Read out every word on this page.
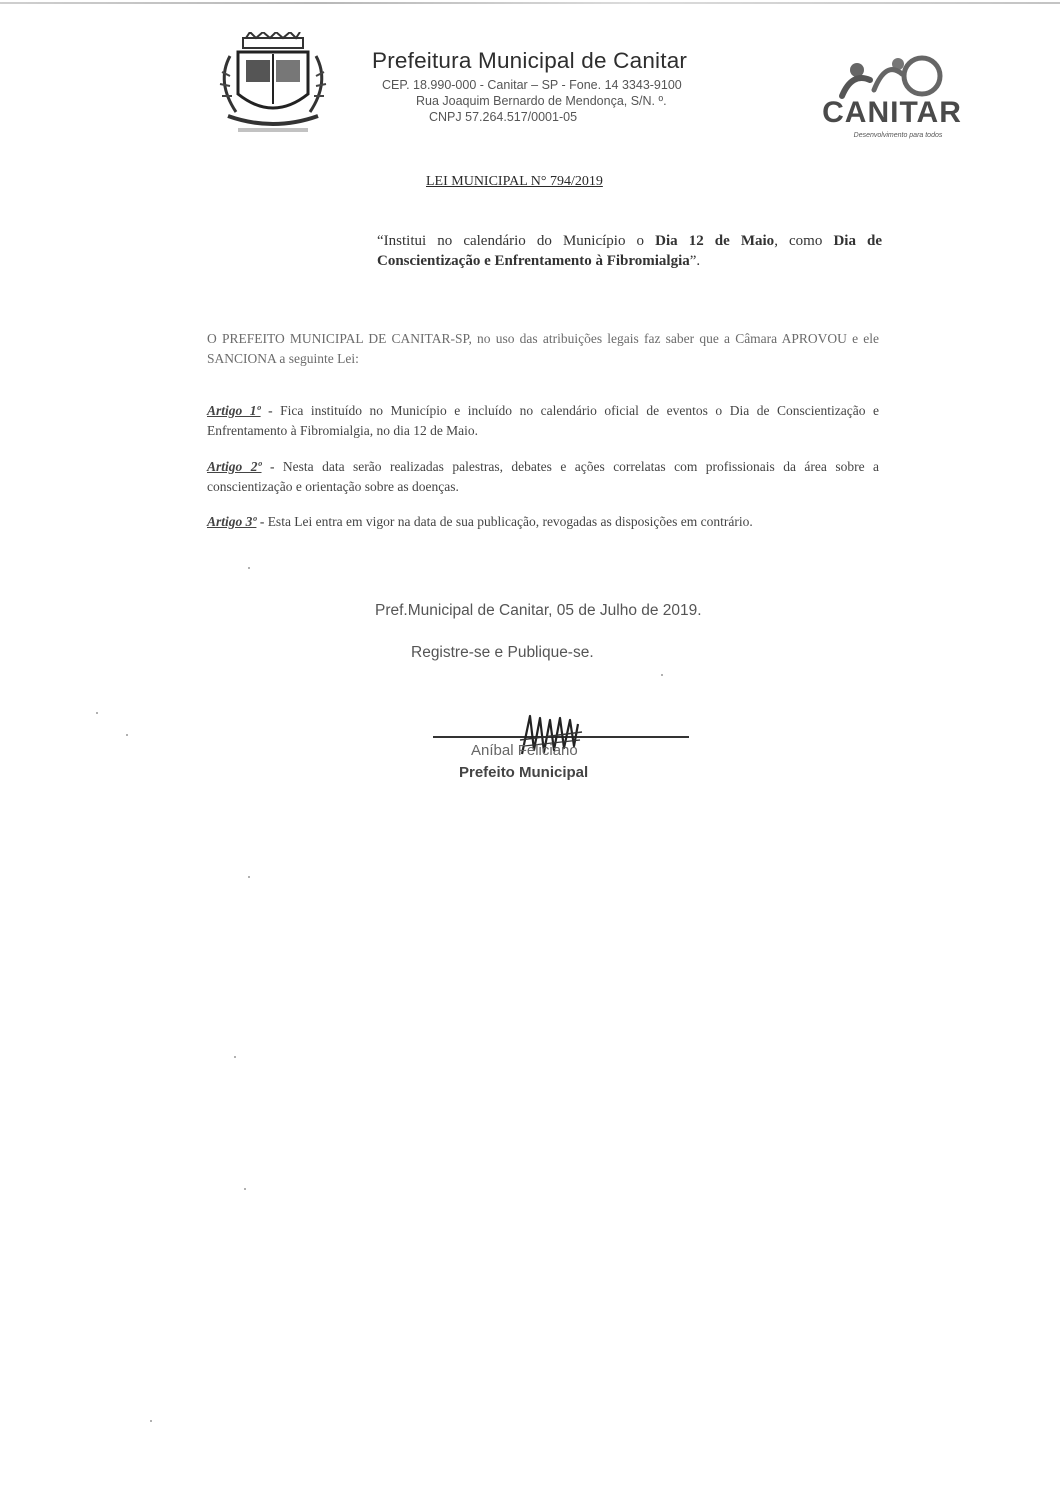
Prefeitura Municipal de Canitar
CEP. 18.990-000 - Canitar – SP - Fone. 14 3343-9100
Rua Joaquim Bernardo de Mendonça, S/N. º.
CNPJ 57.264.517/0001-05	CANITAR
Desenvolvimento para todos
LEI MUNICIPAL N° 794/2019
“Institui no calendário do Município o Dia 12 de Maio, como Dia de Conscientização e Enfrentamento à Fibromialgia”.
O PREFEITO MUNICIPAL DE CANITAR-SP, no uso das atribuições legais faz saber que a Câmara APROVOU e ele SANCIONA a seguinte Lei:
Artigo 1º - Fica instituído no Município e incluído no calendário oficial de eventos o Dia de Conscientização e Enfrentamento à Fibromialgia, no dia 12 de Maio.
Artigo 2º - Nesta data serão realizadas palestras, debates e ações correlatas com profissionais da área sobre a conscientização e orientação sobre as doenças.
Artigo 3º - Esta Lei entra em vigor na data de sua publicação, revogadas as disposições em contrário.
Pref.Municipal de Canitar, 05 de Julho de 2019.
Registre-se e Publique-se.
Aníbal Feliciano
Prefeito Municipal
